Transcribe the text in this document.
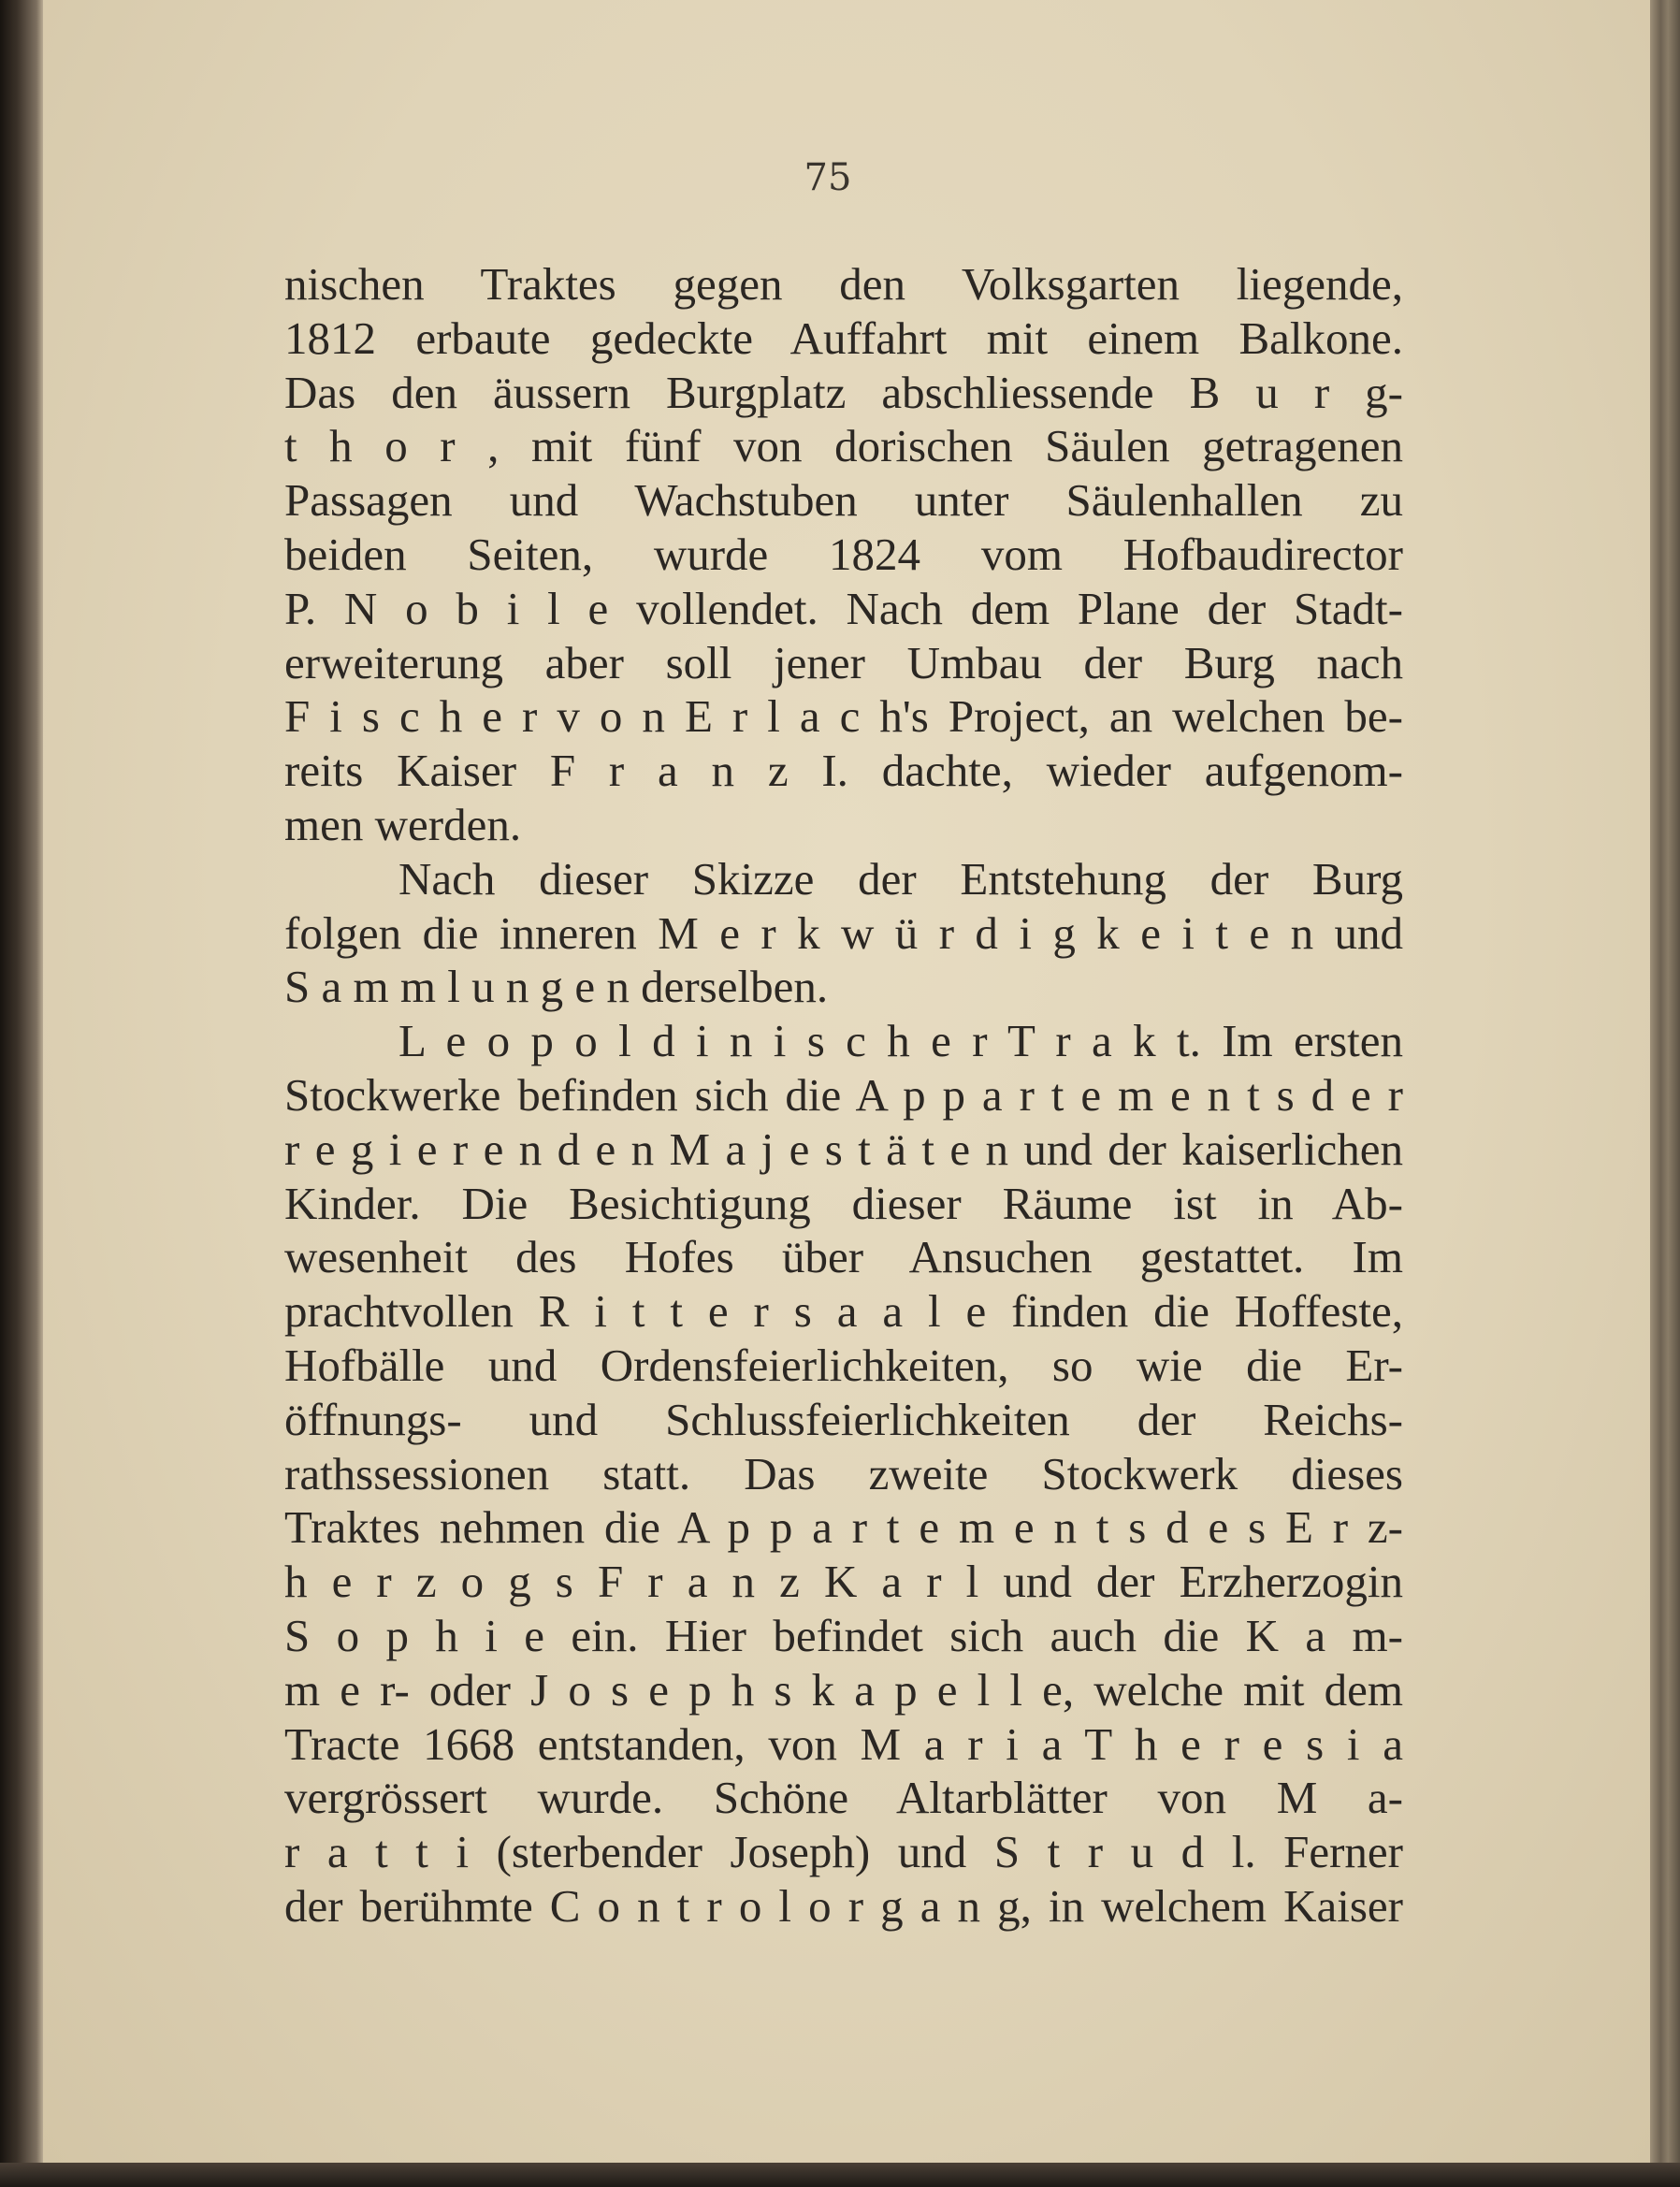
75
nischen Traktes gegen den Volksgarten liegende,
1812 erbaute gedeckte Auffahrt mit einem Balkone.
Das den äussern Burgplatz abschliessende B u r g-
t h o r , mit fünf von dorischen Säulen getragenen
Passagen und Wachstuben unter Säulenhallen zu
beiden Seiten, wurde 1824 vom Hofbaudirector
P. N o b i l e vollendet. Nach dem Plane der Stadt-
erweiterung aber soll jener Umbau der Burg nach
F i s c h e r v o n E r l a c h's Project, an welchen be-
reits Kaiser F r a n z I. dachte, wieder aufgenom-
men werden.
Nach dieser Skizze der Entstehung der Burg
folgen die inneren M e r k w ü r d i g k e i t e n und
S a m m l u n g e n derselben.
L e o p o l d i n i s c h e r T r a k t. Im ersten
Stockwerke befinden sich die A p p a r t e m e n t s d e r
r e g i e r e n d e n M a j e s t ä t e n und der kaiserlichen
Kinder. Die Besichtigung dieser Räume ist in Ab-
wesenheit des Hofes über Ansuchen gestattet. Im
prachtvollen R i t t e r s a a l e finden die Hoffeste,
Hofbälle und Ordensfeierlichkeiten, so wie die Er-
öffnungs- und Schlussfeierlichkeiten der Reichs-
rathssessionen statt. Das zweite Stockwerk dieses
Traktes nehmen die A p p a r t e m e n t s d e s E r z-
h e r z o g s F r a n z K a r l und der Erzherzogin
S o p h i e ein. Hier befindet sich auch die K a m-
m e r- oder J o s e p h s k a p e l l e, welche mit dem
Tracte 1668 entstanden, von M a r i a T h e r e s i a
vergrössert wurde. Schöne Altarblätter von M a-
r a t t i (sterbender Joseph) und S t r u d l. Ferner
der berühmte C o n t r o l o r g a n g, in welchem Kaiser
